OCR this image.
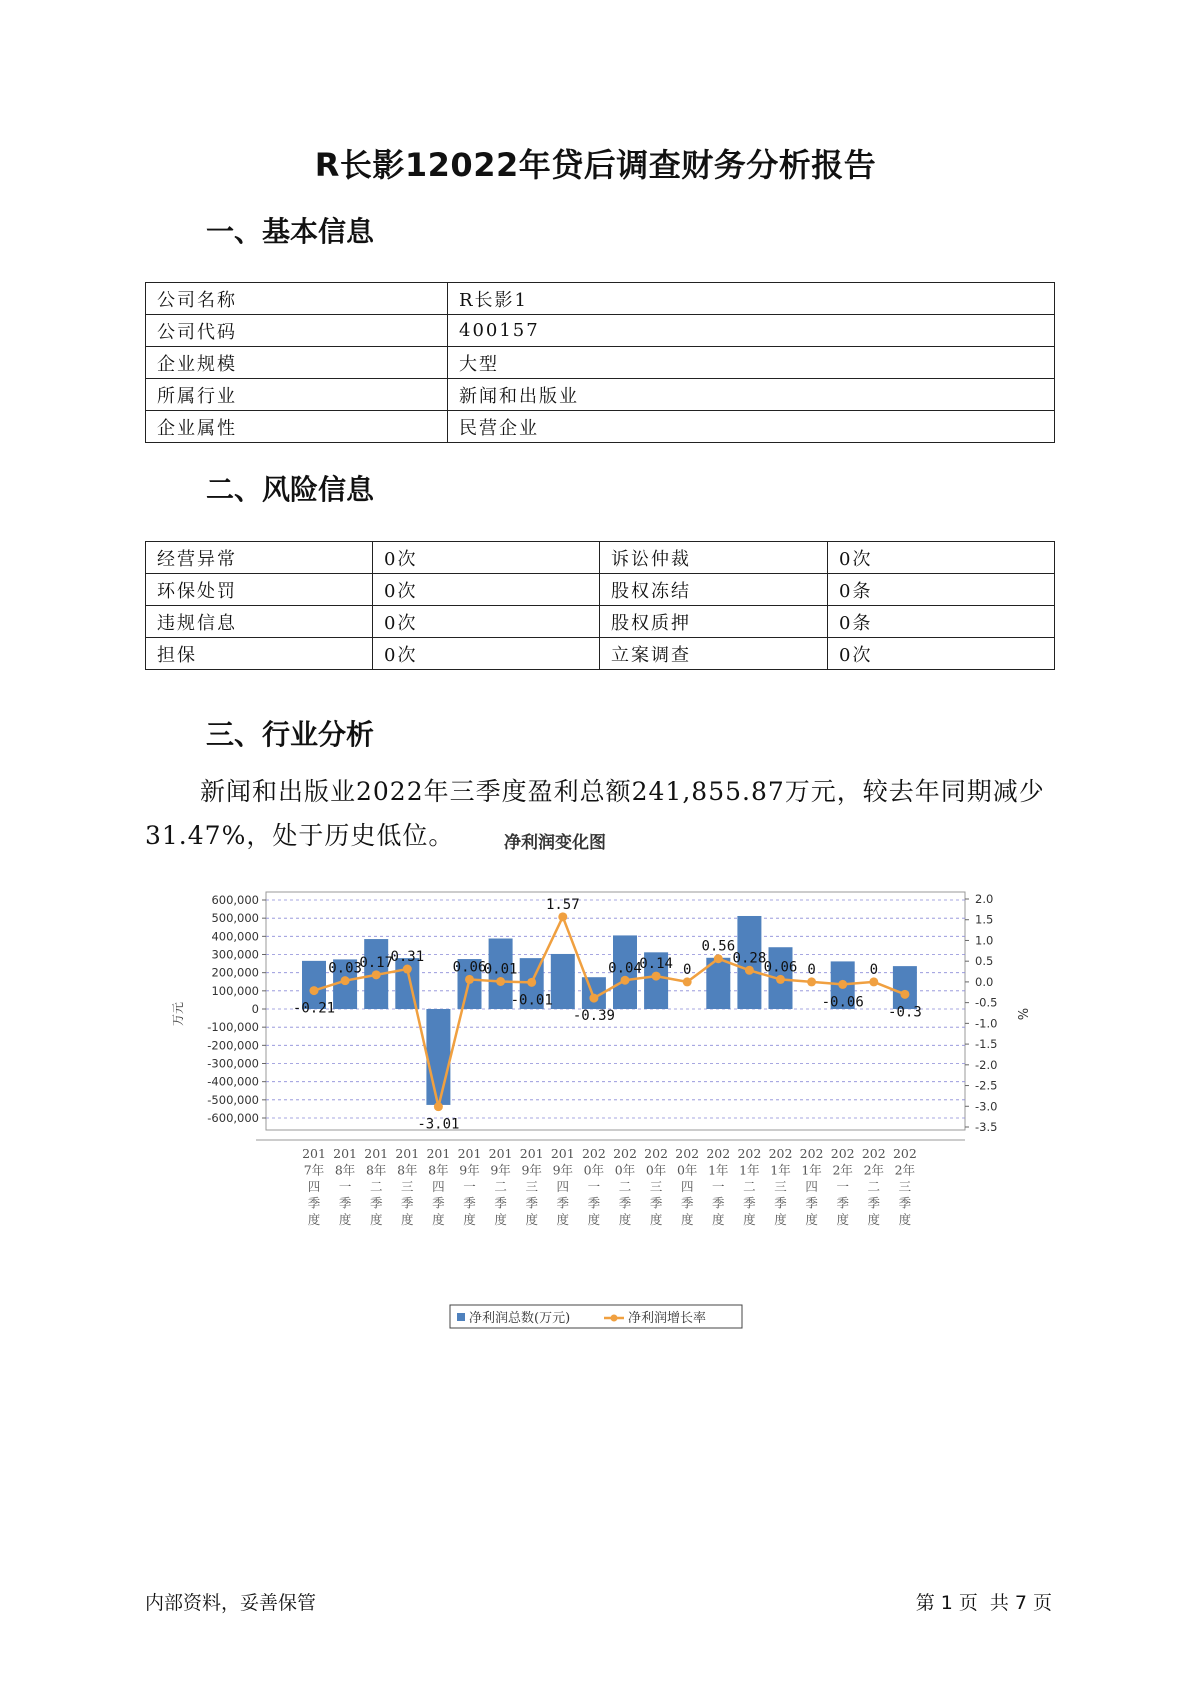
R长影12022年贷后调查财务分析报告
一、基本信息
公司名称	R长影1
公司代码	400157
企业规模	大型
所属行业	新闻和出版业
企业属性	民营企业
二、风险信息
经营异常	0次	诉讼仲裁	0次
环保处罚	0次	股权冻结	0条
违规信息	0次	股权质押	0条
担保	0次	立案调查	0次
三、行业分析
新闻和出版业2022年三季度盈利总额241,855.87万元，较去年同期减少31.47%，处于历史低位。	净利润变化图
600,000
500,000
400,000
300,000
200,000
100,000
0
-100,000
-200,000
-300,000
-400,000
-500,000
-600,000
2.0
1.5
1.0
0.5
0.0
-0.5
-1.0
-1.5
-2.0
-2.5
-3.0
-3.5
万元	%
-0.21
0.03
0.17
0.31
-3.01
0.06
0.01
-0.01
1.57
-0.39
0.04
0.14 0
0.56
0.28
0.06 0
-0.06
0
-0.3
201
7年
四
季
度
201
8年
一
季
度
201
8年
二
季
度
201
8年
三
季
度
201
8年
四
季
度
201
9年
一
季
度
201
9年
二
季
度
201
9年
三
季
度
201
9年
四
季
度
202
0年
一
季
度
202
0年
二
季
度
202
0年
三
季
度
202
0年
四
季
度
202
1年
一
季
度
202
1年
二
季
度
202
1年
三
季
度
202
1年
四
季
度
202
2年
一
季
度
202
2年
二
季
度
202
2年
三
季
度
净利润总数(万元)	净利润增长率
内部资料，妥善保管	第 1 页 共 7 页
